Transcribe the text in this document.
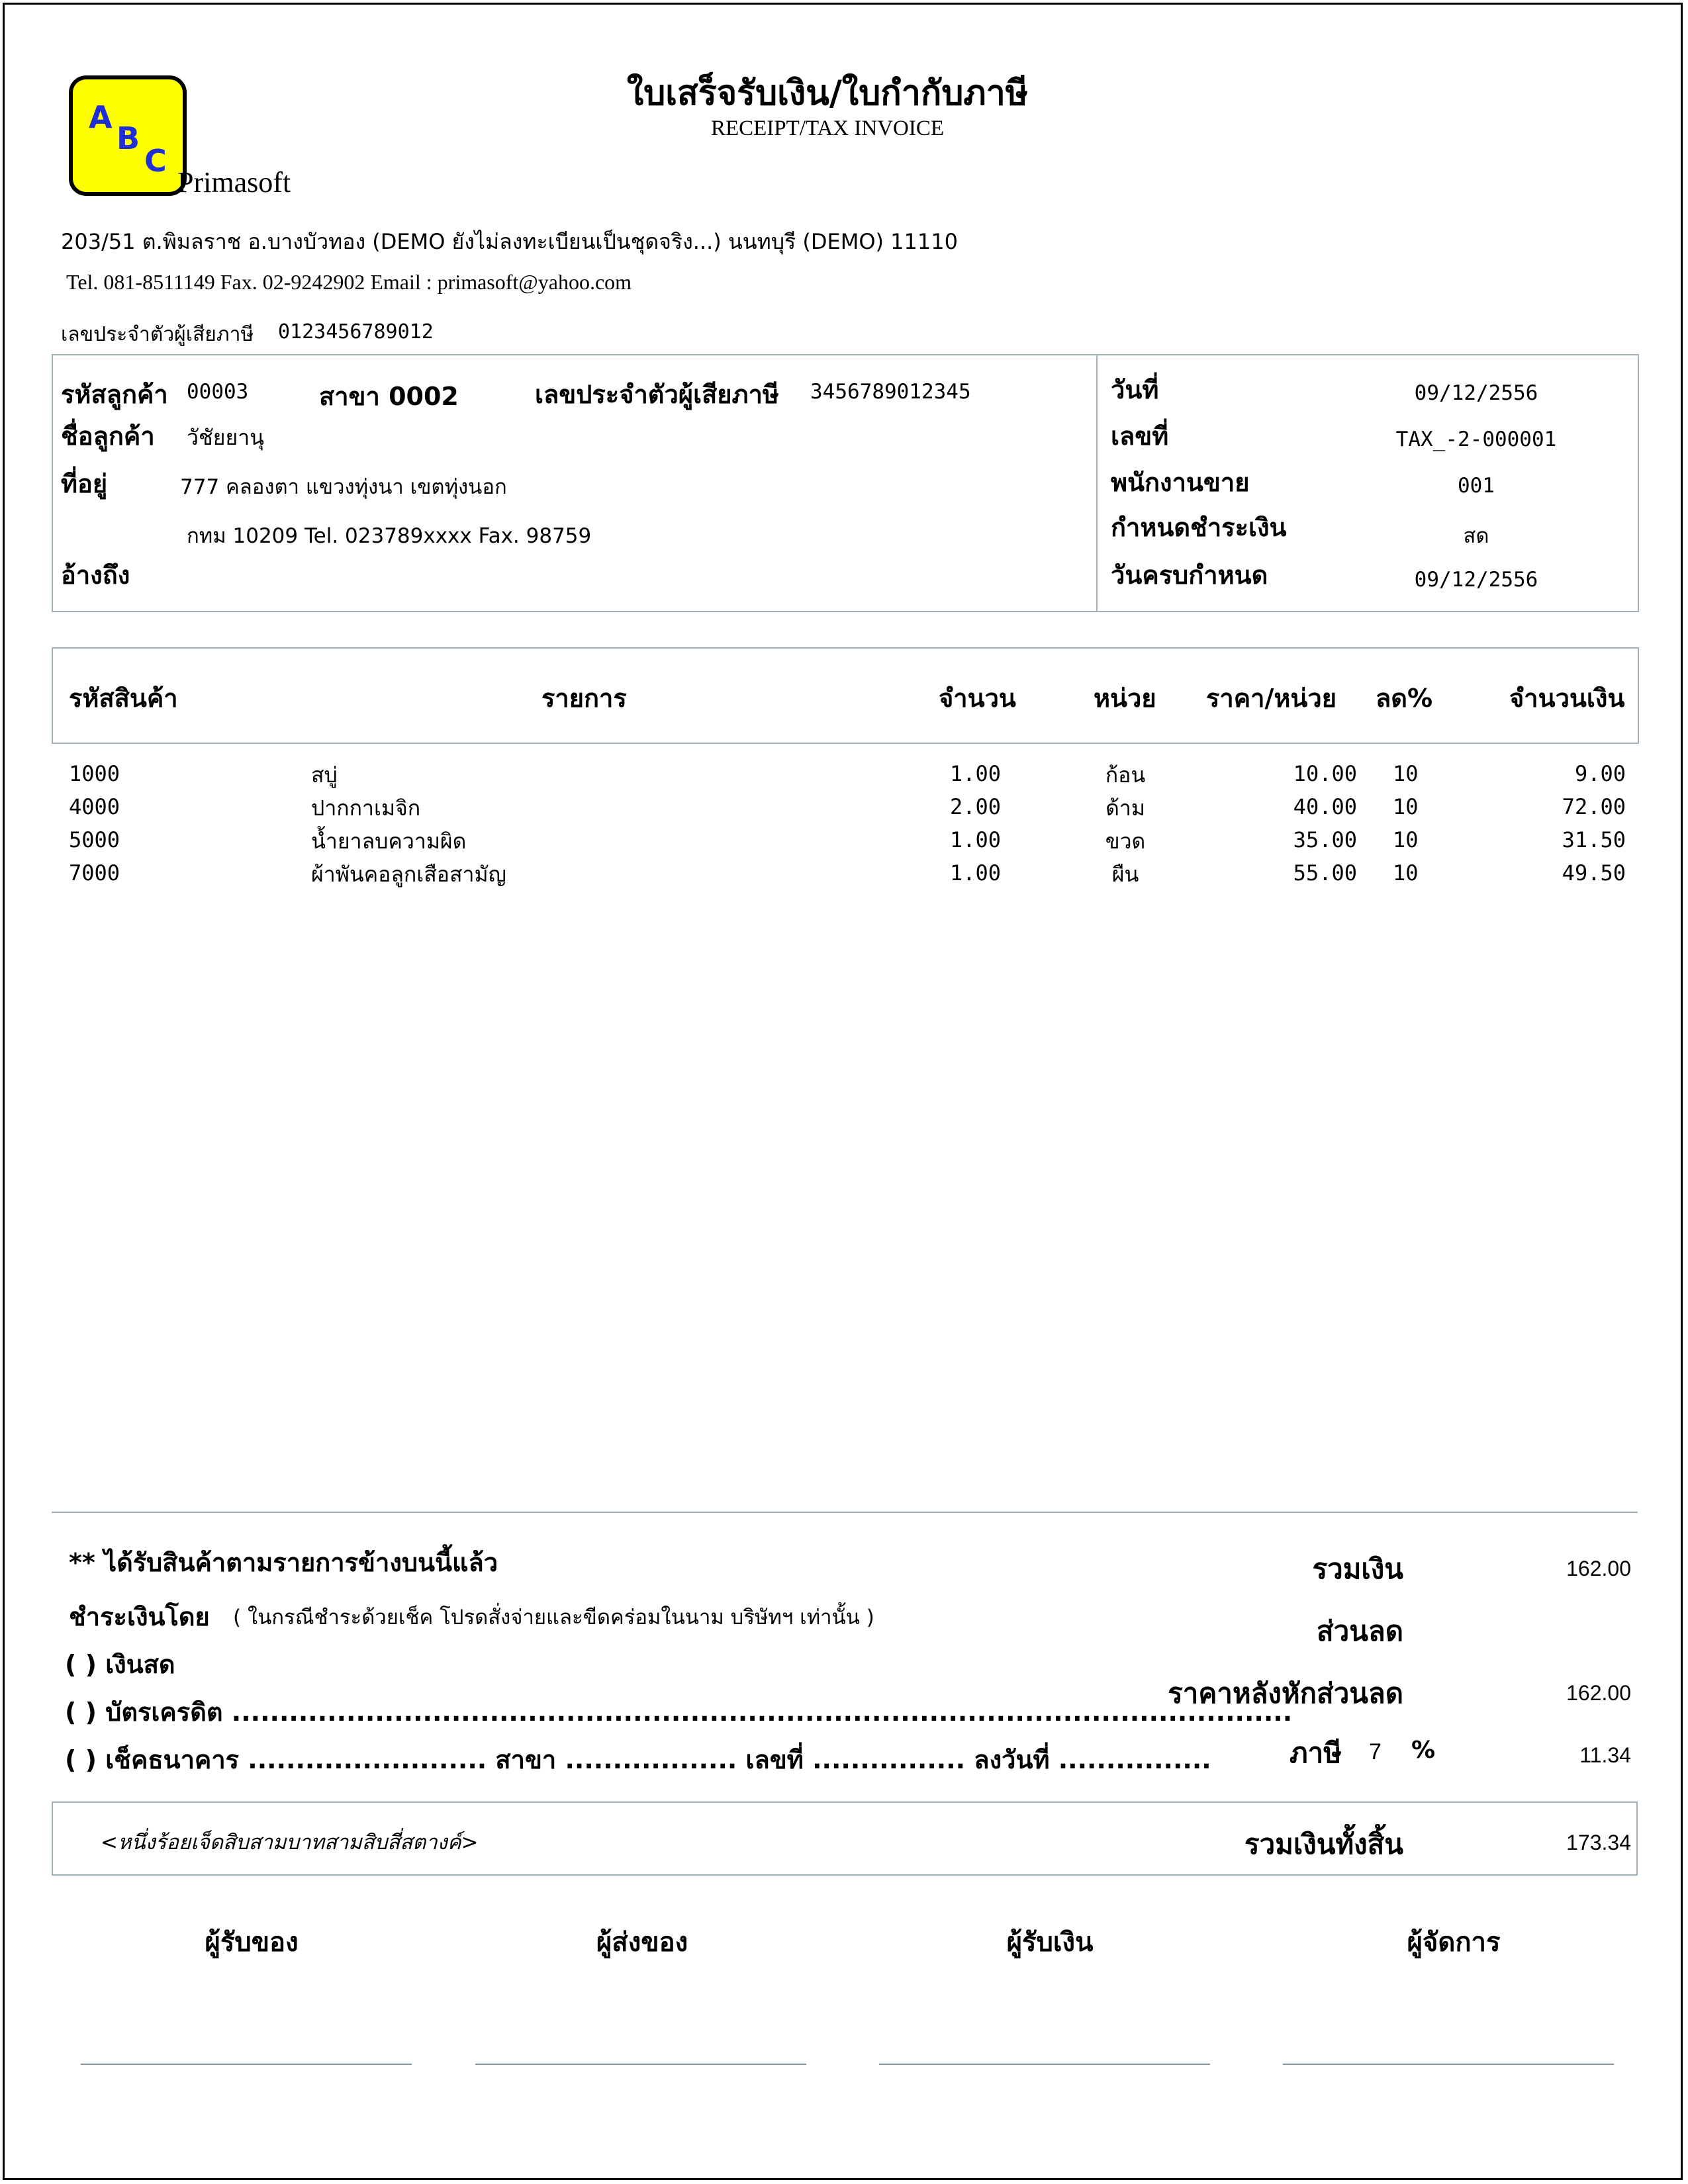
A
B
C
Primasoft
ใบเสร็จรับเงิน/ใบกำกับภาษี
RECEIPT/TAX INVOICE
203/51 ต.พิมลราช อ.บางบัวทอง (DEMO ยังไม่ลงทะเบียนเป็นชุดจริง...) นนทบุรี (DEMO) 11110
Tel. 081-8511149 Fax. 02-9242902 Email : primasoft@yahoo.com
เลขประจำตัวผู้เสียภาษี 0123456789012
รหัสลูกค้า 00003	สาขา 0002	เลขประจำตัวผู้เสียภาษี 3456789012345
ชื่อลูกค้า วัชัยยานุ
ที่อยู่	777 คลองตา แขวงทุ่งนา เขตทุ่งนอก
กทม 10209 Tel. 023789xxxx Fax. 98759
อ้างถึง
วันที่	09/12/2556
เลขที่	TAX_-2-000001
พนักงานขาย	001
กำหนดชำระเงิน	สด
วันครบกำหนด	09/12/2556
รหัสสินค้า	รายการ	จำนวน	หน่วย ราคา/หน่วย ลด%	จำนวนเงิน
1000	สบู่	1.00	ก้อน	10.00 10	9.00
4000	ปากกาเมจิก	2.00	ด้าม	40.00 10	72.00
5000	น้ำยาลบความผิด	1.00	ขวด	35.00 10	31.50
7000	ผ้าพันคอลูกเสือสามัญ	1.00	ผืน	55.00 10	49.50
** ได้รับสินค้าตามรายการข้างบนนี้แล้ว
ชำระเงินโดย ( ในกรณีชำระด้วยเช็ค โปรดสั่งจ่ายและขีดคร่อมในนาม บริษัทฯ เท่านั้น )
( ) เงินสด
( ) บัตรเครดิต ...............................................................................................................
( ) เช็คธนาคาร ......................... สาขา .................. เลขที่ ................ ลงวันที่ ................
รวมเงิน	162.00
ส่วนลด
ราคาหลังหักส่วนลด	162.00
ภาษี 7 %	11.34
<หนึ่งร้อยเจ็ดสิบสามบาทสามสิบสี่สตางค์>	รวมเงินทั้งสิ้น	173.34
ผู้รับของ	ผู้ส่งของ	ผู้รับเงิน	ผู้จัดการ
